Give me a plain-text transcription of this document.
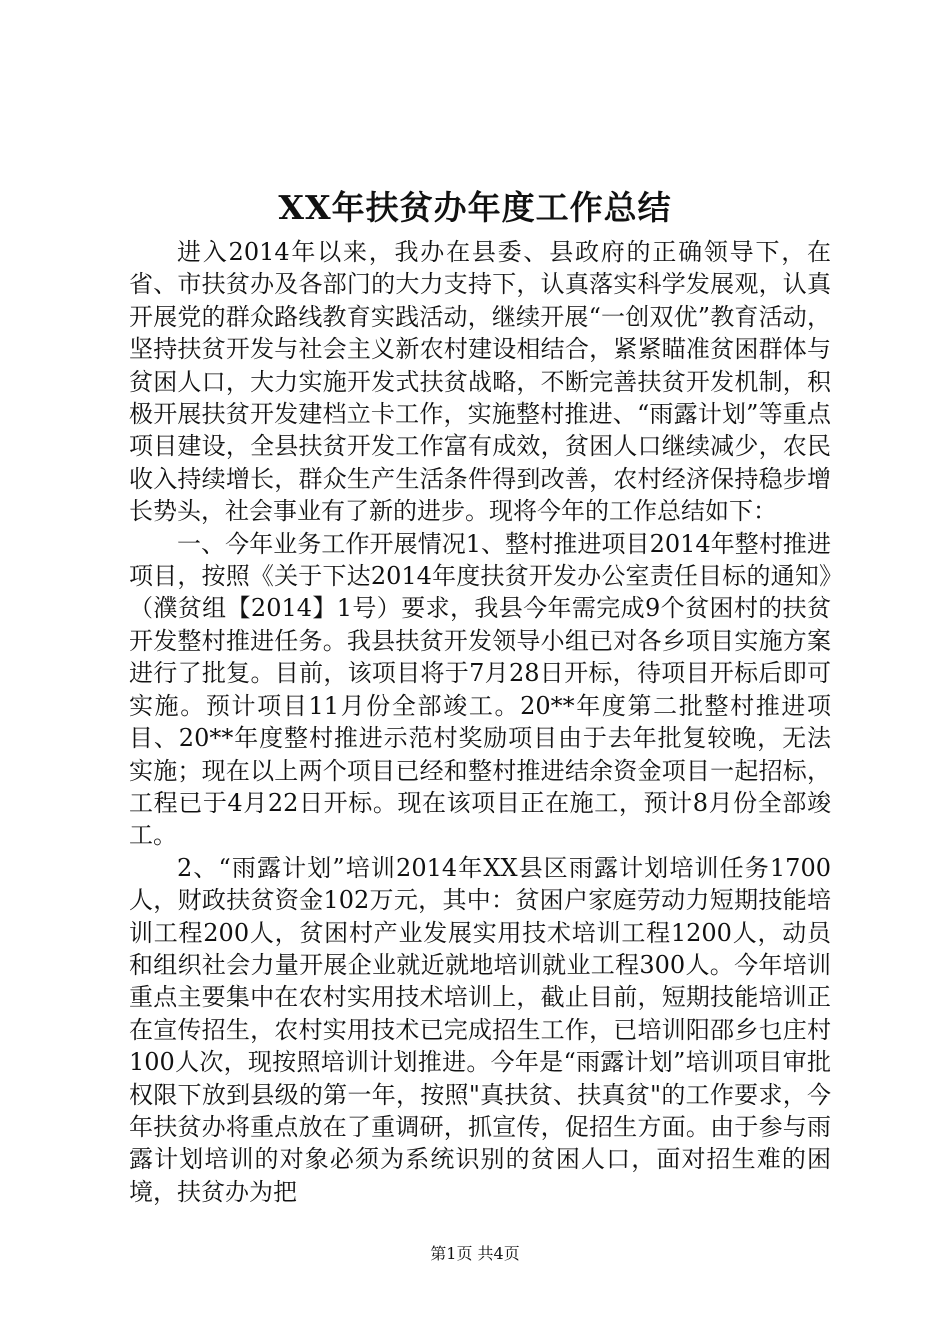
XX年扶贫办年度工作总结

进入2014年以来，我办在县委、县政府的正确领导下，在省、市扶贫办及各部门的大力支持下，认真落实科学发展观，认真开展党的群众路线教育实践活动，继续开展“一创双优”教育活动，坚持扶贫开发与社会主义新农村建设相结合，紧紧瞄准贫困群体与贫困人口，大力实施开发式扶贫战略，不断完善扶贫开发机制，积极开展扶贫开发建档立卡工作，实施整村推进、“雨露计划”等重点项目建设，全县扶贫开发工作富有成效，贫困人口继续减少，农民收入持续增长，群众生产生活条件得到改善，农村经济保持稳步增长势头，社会事业有了新的进步。现将今年的工作总结如下：

一、今年业务工作开展情况1、整村推进项目2014年整村推进项目，按照《关于下达2014年度扶贫开发办公室责任目标的通知》（濮贫组【2014】1号）要求，我县今年需完成9个贫困村的扶贫开发整村推进任务。我县扶贫开发领导小组已对各乡项目实施方案进行了批复。目前，该项目将于7月28日开标，待项目开标后即可实施。预计项目11月份全部竣工。20**年度第二批整村推进项目、20**年度整村推进示范村奖励项目由于去年批复较晚，无法实施；现在以上两个项目已经和整村推进结余资金项目一起招标，工程已于4月22日开标。现在该项目正在施工，预计8月份全部竣工。

2、“雨露计划”培训2014年XX县区雨露计划培训任务1700人，财政扶贫资金102万元，其中：贫困户家庭劳动力短期技能培训工程200人，贫困村产业发展实用技术培训工程1200人，动员和组织社会力量开展企业就近就地培训就业工程300人。今年培训重点主要集中在农村实用技术培训上，截止目前，短期技能培训正在宣传招生，农村实用技术已完成招生工作，已培训阳邵乡乜庄村100人次，现按照培训计划推进。今年是“雨露计划”培训项目审批权限下放到县级的第一年，按照"真扶贫、扶真贫"的工作要求，今年扶贫办将重点放在了重调研，抓宣传，促招生方面。由于参与雨露计划培训的对象必须为系统识别的贫困人口，面对招生难的困境，扶贫办为把

第1页 共4页
